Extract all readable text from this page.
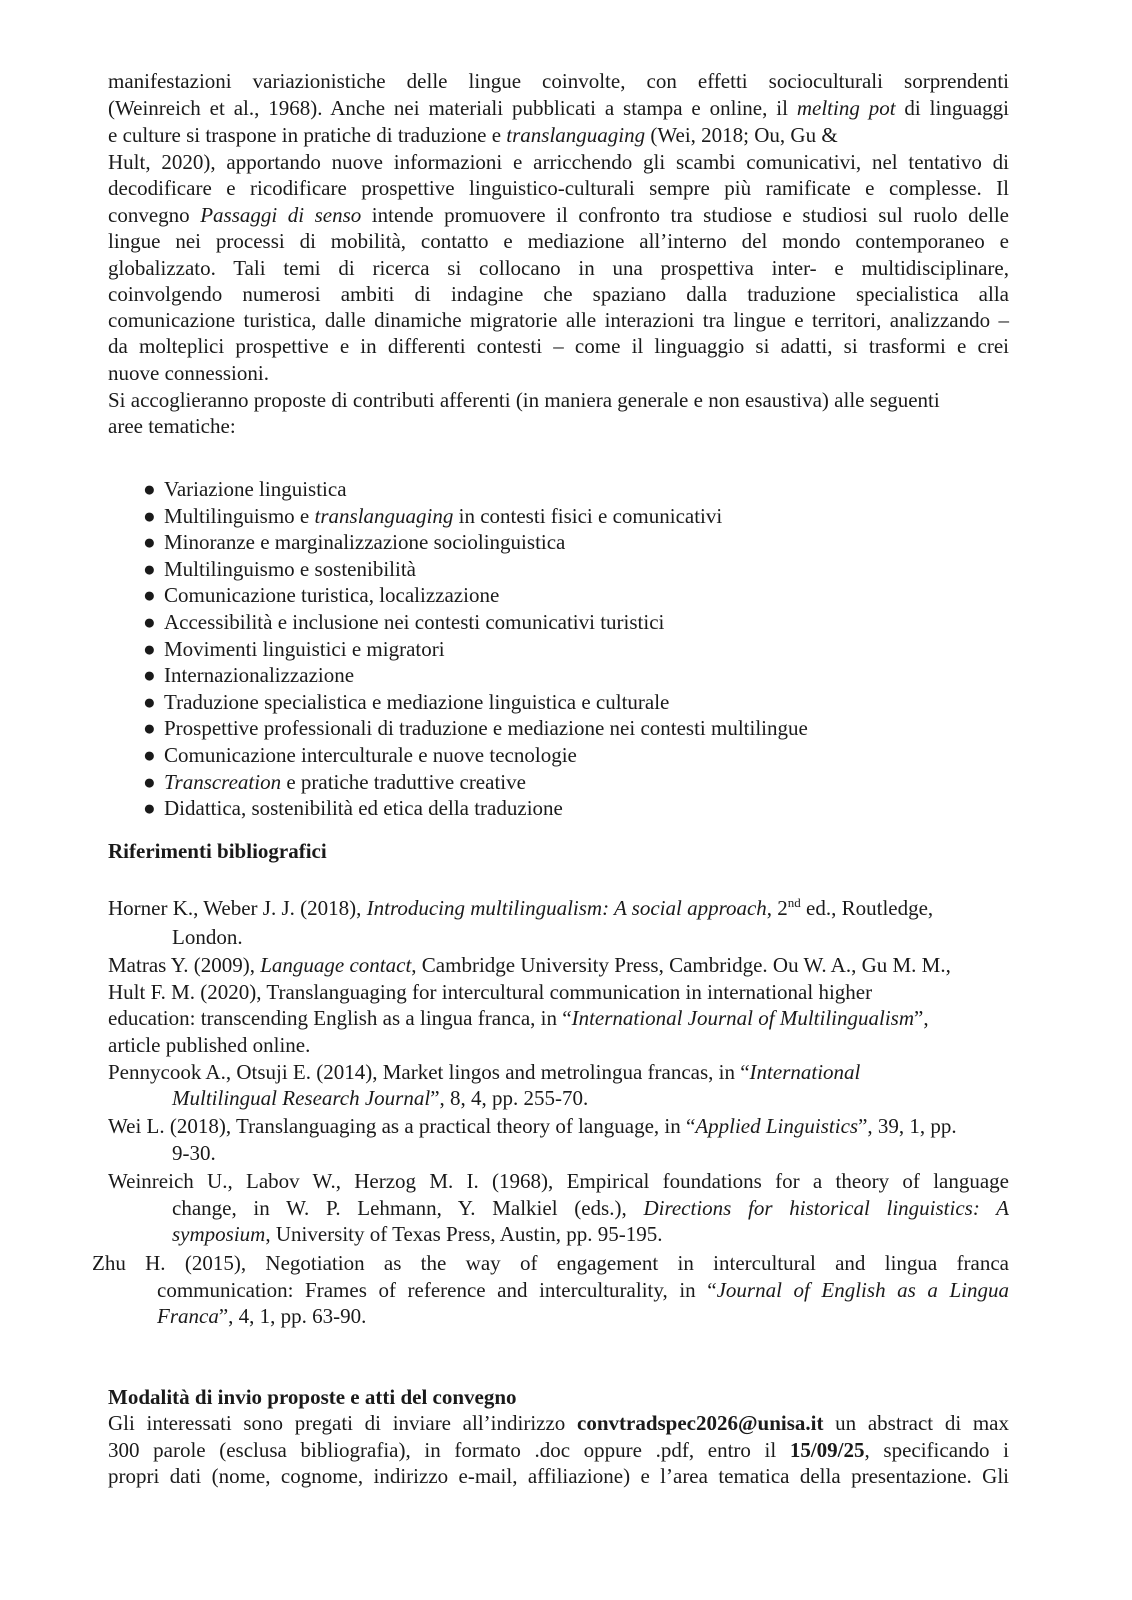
manifestazioni variazionistiche delle lingue coinvolte, con effetti socioculturali sorprendenti
(Weinreich et al., 1968). Anche nei materiali pubblicati a stampa e online, il melting pot di linguaggi
e culture si traspone in pratiche di traduzione e translanguaging (Wei, 2018; Ou, Gu &
Hult, 2020), apportando nuove informazioni e arricchendo gli scambi comunicativi, nel tentativo di
decodificare e ricodificare prospettive linguistico-culturali sempre più ramificate e complesse. Il
convegno Passaggi di senso intende promuovere il confronto tra studiose e studiosi sul ruolo delle
lingue nei processi di mobilità, contatto e mediazione all’interno del mondo contemporaneo e
globalizzato. Tali temi di ricerca si collocano in una prospettiva inter- e multidisciplinare,
coinvolgendo numerosi ambiti di indagine che spaziano dalla traduzione specialistica alla
comunicazione turistica, dalle dinamiche migratorie alle interazioni tra lingue e territori, analizzando –
da molteplici prospettive e in differenti contesti – come il linguaggio si adatti, si trasformi e crei
nuove connessioni.
Si accoglieranno proposte di contributi afferenti (in maniera generale e non esaustiva) alle seguenti
aree tematiche:
● Variazione linguistica
● Multilinguismo e translanguaging in contesti fisici e comunicativi
● Minoranze e marginalizzazione sociolinguistica
● Multilinguismo e sostenibilità
● Comunicazione turistica, localizzazione
● Accessibilità e inclusione nei contesti comunicativi turistici
● Movimenti linguistici e migratori
● Internazionalizzazione
● Traduzione specialistica e mediazione linguistica e culturale
● Prospettive professionali di traduzione e mediazione nei contesti multilingue
● Comunicazione interculturale e nuove tecnologie
● Transcreation e pratiche traduttive creative
● Didattica, sostenibilità ed etica della traduzione
Riferimenti bibliografici
Horner K., Weber J. J. (2018), Introducing multilingualism: A social approach, 2nd ed., Routledge,
London.
Matras Y. (2009), Language contact, Cambridge University Press, Cambridge. Ou W. A., Gu M. M.,
Hult F. M. (2020), Translanguaging for intercultural communication in international higher
education: transcending English as a lingua franca, in “International Journal of Multilingualism”,
article published online.
Pennycook A., Otsuji E. (2014), Market lingos and metrolingua francas, in “International
Multilingual Research Journal”, 8, 4, pp. 255-70.
Wei L. (2018), Translanguaging as a practical theory of language, in “Applied Linguistics”, 39, 1, pp.
9-30.
Weinreich U., Labov W., Herzog M. I. (1968), Empirical foundations for a theory of language
change, in W. P. Lehmann, Y. Malkiel (eds.), Directions for historical linguistics: A
symposium, University of Texas Press, Austin, pp. 95-195.
Zhu H. (2015), Negotiation as the way of engagement in intercultural and lingua franca
communication: Frames of reference and interculturality, in “Journal of English as a Lingua
Franca”, 4, 1, pp. 63-90.
Modalità di invio proposte e atti del convegno
Gli interessati sono pregati di inviare all’indirizzo convtradspec2026@unisa.it un abstract di max
300 parole (esclusa bibliografia), in formato .doc oppure .pdf, entro il 15/09/25, specificando i
propri dati (nome, cognome, indirizzo e-mail, affiliazione) e l’area tematica della presentazione. Gli
